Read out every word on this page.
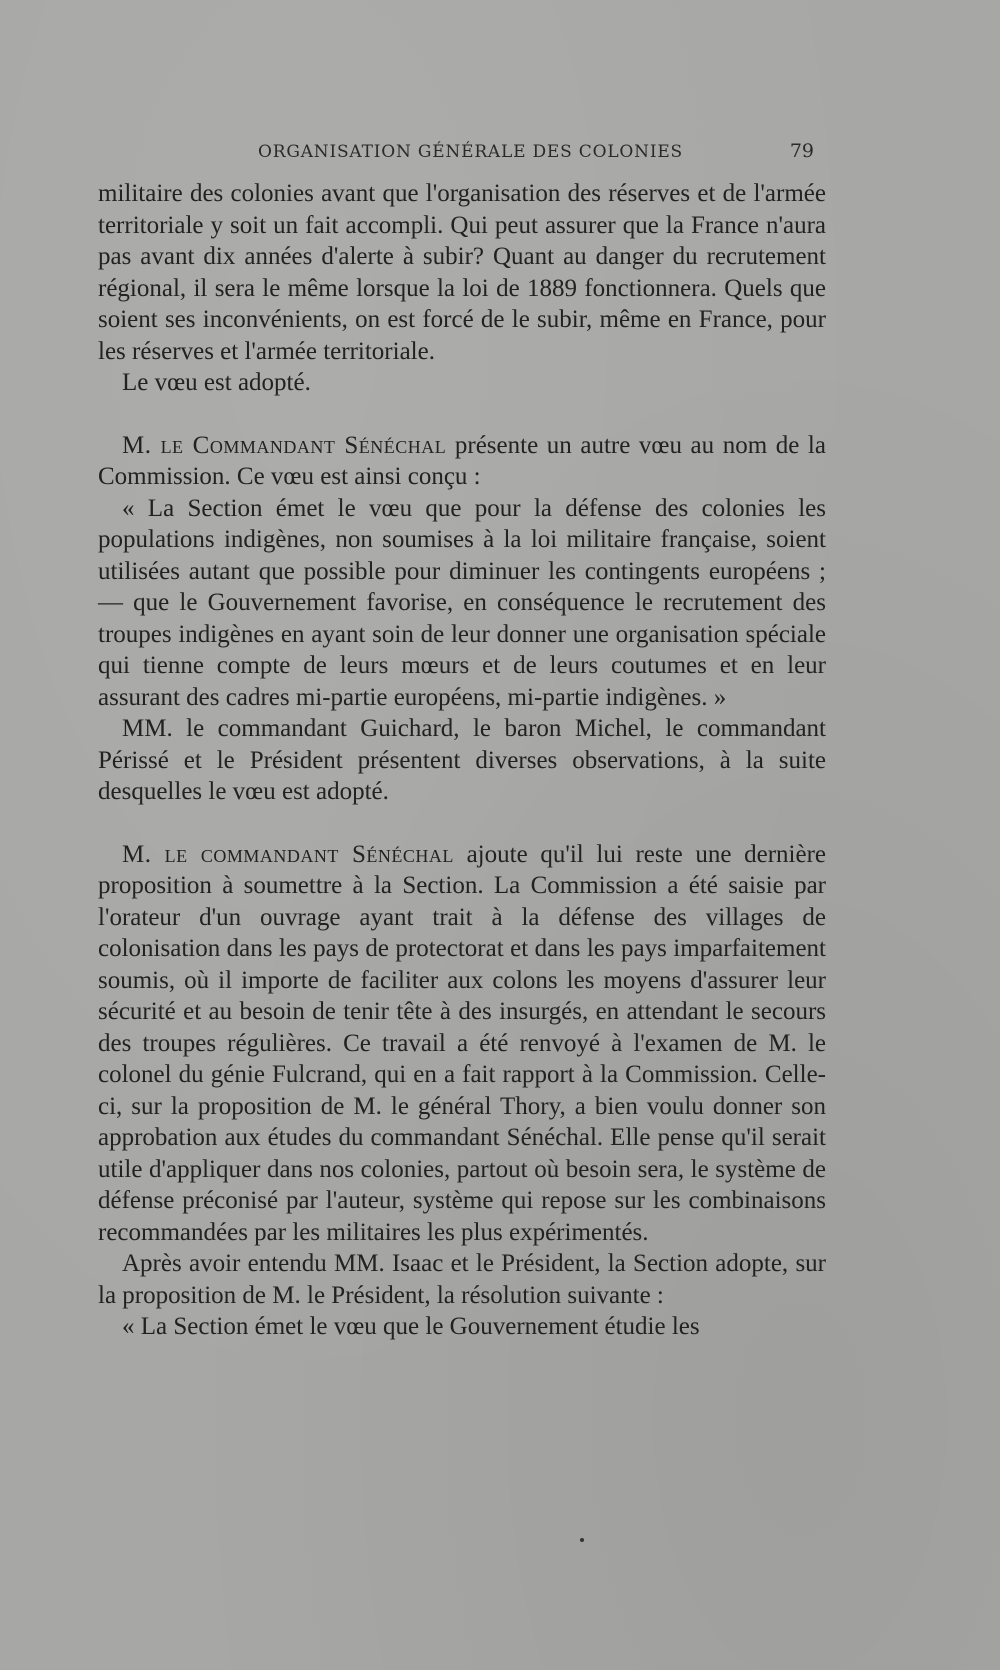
ORGANISATION GÉNÉRALE DES COLONIES	79

militaire des colonies avant que l'organisation des réserves et de l'armée territoriale y soit un fait accompli. Qui peut assurer que la France n'aura pas avant dix années d'alerte à subir? Quant au danger du recrutement régional, il sera le même lorsque la loi de 1889 fonctionnera. Quels que soient ses inconvénients, on est forcé de le subir, même en France, pour les réserves et l'armée territoriale.

Le vœu est adopté.

M. le Commandant Sénéchal présente un autre vœu au nom de la Commission. Ce vœu est ainsi conçu :

« La Section émet le vœu que pour la défense des colonies les populations indigènes, non soumises à la loi militaire française, soient utilisées autant que possible pour diminuer les contingents européens ; — que le Gouvernement favorise, en conséquence le recrutement des troupes indigènes en ayant soin de leur donner une organisation spéciale qui tienne compte de leurs mœurs et de leurs coutumes et en leur assurant des cadres mi-partie européens, mi-partie indigènes. »

MM. le commandant Guichard, le baron Michel, le commandant Périssé et le Président présentent diverses observations, à la suite desquelles le vœu est adopté.

M. le commandant Sénéchal ajoute qu'il lui reste une dernière proposition à soumettre à la Section. La Commission a été saisie par l'orateur d'un ouvrage ayant trait à la défense des villages de colonisation dans les pays de protectorat et dans les pays imparfaitement soumis, où il importe de faciliter aux colons les moyens d'assurer leur sécurité et au besoin de tenir tête à des insurgés, en attendant le secours des troupes régulières. Ce travail a été renvoyé à l'examen de M. le colonel du génie Fulcrand, qui en a fait rapport à la Commission. Celle-ci, sur la proposition de M. le général Thory, a bien voulu donner son approbation aux études du commandant Sénéchal. Elle pense qu'il serait utile d'appliquer dans nos colonies, partout où besoin sera, le système de défense préconisé par l'auteur, système qui repose sur les combinaisons recommandées par les militaires les plus expérimentés.

Après avoir entendu MM. Isaac et le Président, la Section adopte, sur la proposition de M. le Président, la résolution suivante :

« La Section émet le vœu que le Gouvernement étudie les
